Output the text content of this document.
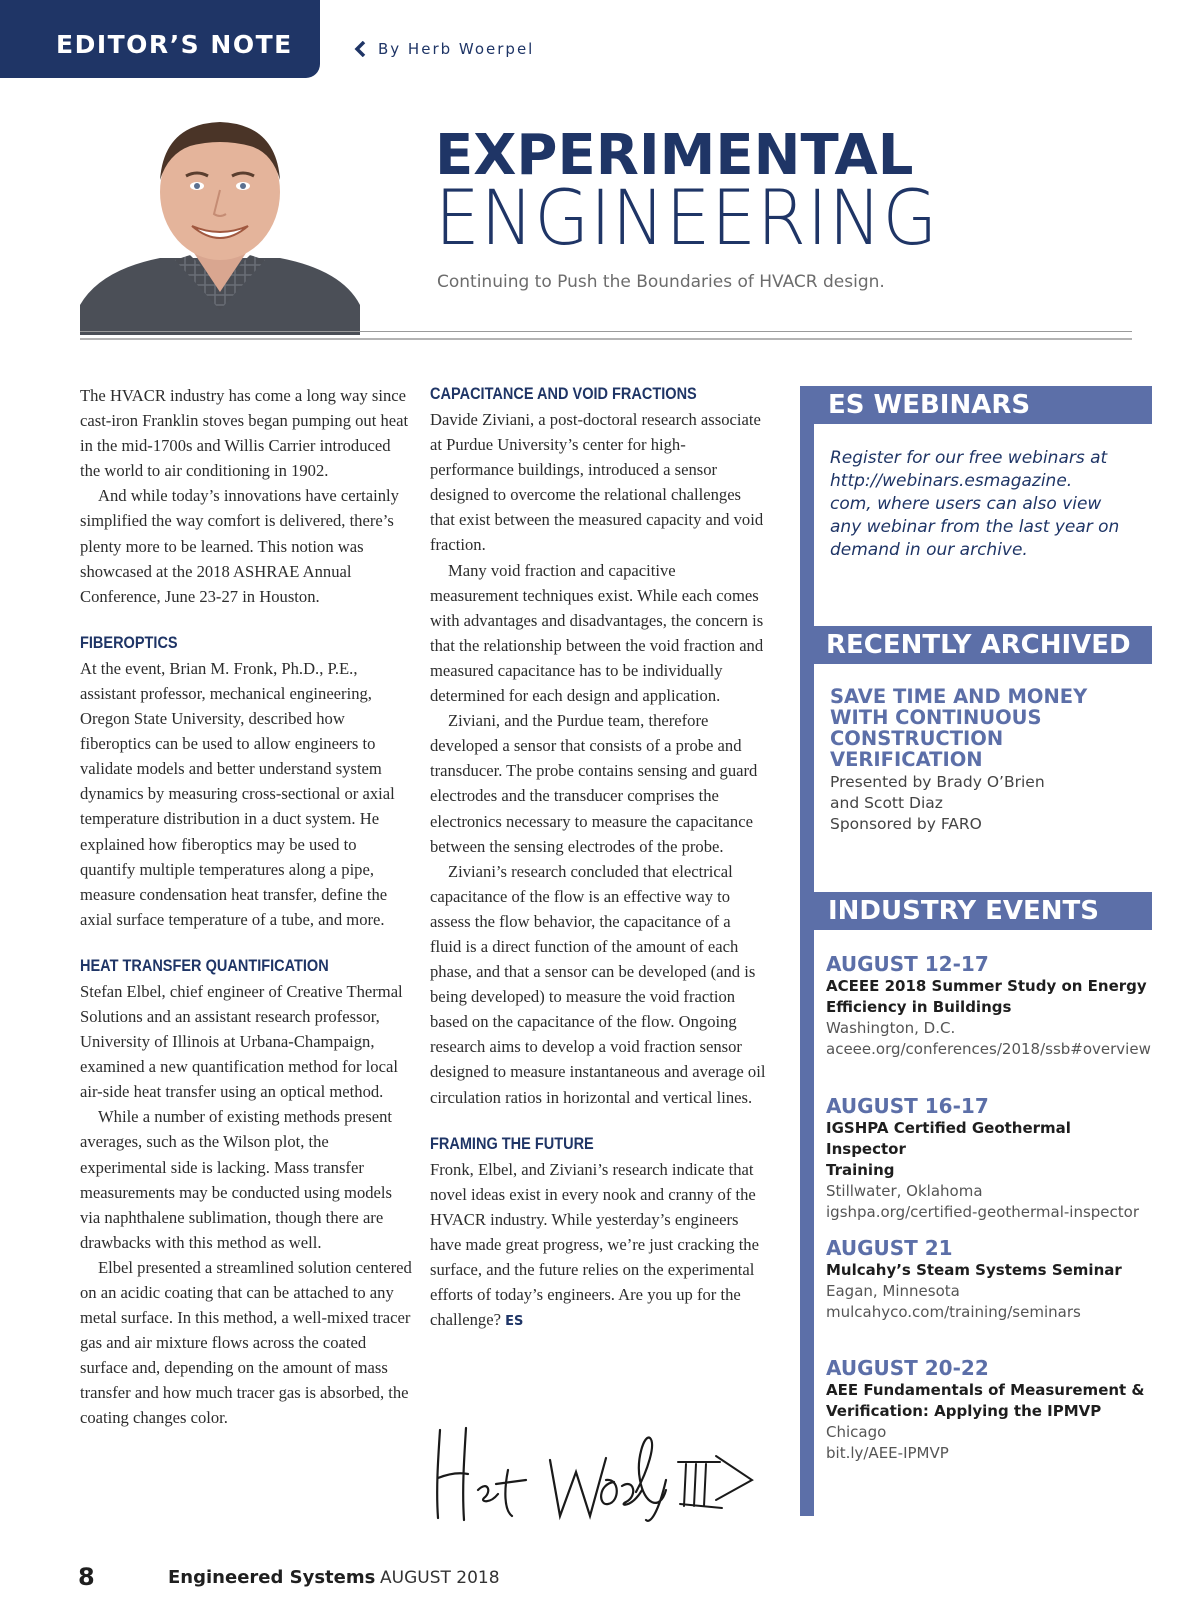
EDITOR’S NOTE	By Herb Woerpel
EXPERIMENTAL
ENGINEERING
Continuing to Push the Boundaries of HVACR design.

The HVACR industry has come a long way since cast-iron Franklin stoves began pumping out heat in the mid-1700s and Willis Carrier introduced the world to air conditioning in 1902.

And while today’s innovations have certainly simplified the way comfort is delivered, there’s plenty more to be learned. This notion was showcased at the 2018 ASHRAE Annual Conference, June 23-27 in Houston.

FIBEROPTICS

At the event, Brian M. Fronk, Ph.D., P.E., assistant professor, mechanical engineering, Oregon State University, described how fiberoptics can be used to allow engineers to validate models and better understand system dynamics by measuring cross-sectional or axial temperature distribution in a duct system. He explained how fiberoptics may be used to quantify multiple temperatures along a pipe, measure condensation heat transfer, define the axial surface temperature of a tube, and more.

HEAT TRANSFER QUANTIFICATION

Stefan Elbel, chief engineer of Creative Thermal Solutions and an assistant research professor, University of Illinois at Urbana-Champaign, examined a new quantification method for local air-side heat transfer using an optical method.

While a number of existing methods present averages, such as the Wilson plot, the experimental side is lacking. Mass transfer measurements may be conducted using models via naphthalene sublimation, though there are drawbacks with this method as well.

Elbel presented a streamlined solution centered on an acidic coating that can be attached to any metal surface. In this method, a well-mixed tracer gas and air mixture flows across the coated surface and, depending on the amount of mass transfer and how much tracer gas is absorbed, the coating changes color.

CAPACITANCE AND VOID FRACTIONS

Davide Ziviani, a post-doctoral research associate at Purdue University’s center for high-performance buildings, introduced a sensor designed to overcome the relational challenges that exist between the measured capacity and void fraction.

Many void fraction and capacitive measurement techniques exist. While each comes with advantages and disadvantages, the concern is that the relationship between the void fraction and measured capacitance has to be individually determined for each design and application.

Ziviani, and the Purdue team, therefore developed a sensor that consists of a probe and transducer. The probe contains sensing and guard electrodes and the transducer comprises the electronics necessary to measure the capacitance between the sensing electrodes of the probe.

Ziviani’s research concluded that electrical capacitance of the flow is an effective way to assess the flow behavior, the capacitance of a fluid is a direct function of the amount of each phase, and that a sensor can be developed (and is being developed) to measure the void fraction based on the capacitance of the flow. Ongoing research aims to develop a void fraction sensor designed to measure instantaneous and average oil circulation ratios in horizontal and vertical lines.

FRAMING THE FUTURE

Fronk, Elbel, and Ziviani’s research indicate that novel ideas exist in every nook and cranny of the HVACR industry. While yesterday’s engineers have made great progress, we’re just cracking the surface, and the future relies on the experimental efforts of today’s engineers. Are you up for the challenge? ES

ES WEBINARS
Register for our free webinars at
http://webinars.esmagazine.
com, where users can also view
any webinar from the last year on
demand in our archive.
RECENTLY ARCHIVED
SAVE TIME AND MONEY
WITH CONTINUOUS
CONSTRUCTION
VERIFICATION
Presented by Brady O’Brien
and Scott Diaz
Sponsored by FARO
INDUSTRY EVENTS
AUGUST 12-17
ACEEE 2018 Summer Study on Energy
Efficiency in Buildings
Washington, D.C.
aceee.org/conferences/2018/ssb#overview
AUGUST 16-17
IGSHPA Certified Geothermal Inspector
Training
Stillwater, Oklahoma
igshpa.org/certified-geothermal-inspector
AUGUST 21
Mulcahy’s Steam Systems Seminar
Eagan, Minnesota
mulcahyco.com/training/seminars
AUGUST 20-22
AEE Fundamentals of Measurement &
Verification: Applying the IPMVP
Chicago
bit.ly/AEE-IPMVP
8	Engineered Systems AUGUST 2018
